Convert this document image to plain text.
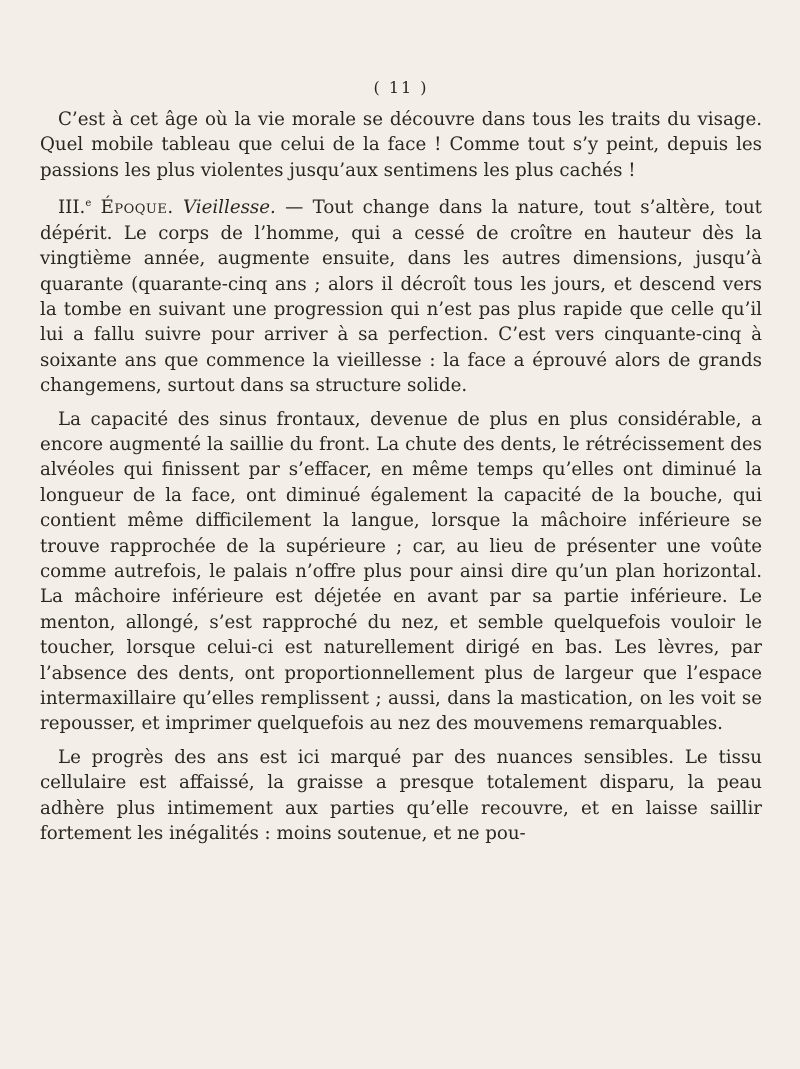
( 11 )

C’est à cet âge où la vie morale se découvre dans tous les traits du visage. Quel mobile tableau que celui de la face ! Comme tout s’y peint, depuis les passions les plus violentes jusqu’aux sentimens les plus cachés !

III.$^e$ Époque. Vieillesse. — Tout change dans la nature, tout s’altère, tout dépérit. Le corps de l’homme, qui a cessé de croître en hauteur dès la vingtième année, augmente ensuite, dans les autres dimensions, jusqu’à quarante (quarante-cinq ans ; alors il décroît tous les jours, et descend vers la tombe en suivant une progression qui n’est pas plus rapide que celle qu’il lui a fallu suivre pour arriver à sa perfection. C’est vers cinquante-cinq à soixante ans que commence la vieillesse : la face a éprouvé alors de grands changemens, surtout dans sa structure solide.

La capacité des sinus frontaux, devenue de plus en plus considérable, a encore augmenté la saillie du front. La chute des dents, le rétrécissement des alvéoles qui finissent par s’effacer, en même temps qu’elles ont diminué la longueur de la face, ont diminué également la capacité de la bouche, qui contient même difficilement la langue, lorsque la mâchoire inférieure se trouve rapprochée de la supérieure ; car, au lieu de présenter une voûte comme autrefois, le palais n’offre plus pour ainsi dire qu’un plan horizontal. La mâchoire inférieure est déjetée en avant par sa partie inférieure. Le menton, allongé, s’est rapproché du nez, et semble quelquefois vouloir le toucher, lorsque celui-ci est naturellement dirigé en bas. Les lèvres, par l’absence des dents, ont proportionnellement plus de largeur que l’espace intermaxillaire qu’elles remplissent ; aussi, dans la mastication, on les voit se repousser, et imprimer quelquefois au nez des mouvemens remarquables.

Le progrès des ans est ici marqué par des nuances sensibles. Le tissu cellulaire est affaissé, la graisse a presque totalement disparu, la peau adhère plus intimement aux parties qu’elle recouvre, et en laisse saillir fortement les inégalités : moins soutenue, et ne pou-
